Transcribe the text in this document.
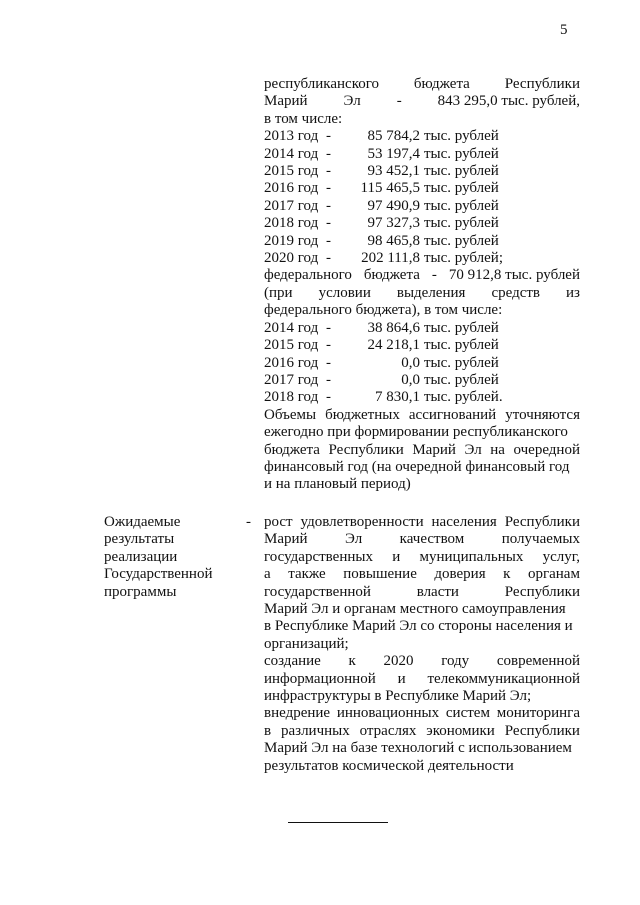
5
республиканского бюджета Республики
Марий Эл - 843 295,0 тыс. рублей,
в том числе:
2013 год -	85 784,2 тыс. рублей
2014 год -	53 197,4 тыс. рублей
2015 год -	93 452,1 тыс. рублей
2016 год -	115 465,5 тыс. рублей
2017 год -	97 490,9 тыс. рублей
2018 год -	97 327,3 тыс. рублей
2019 год -	98 465,8 тыс. рублей
2020 год -	202 111,8 тыс. рублей;
федерального бюджета - 70 912,8 тыс. рублей
(при условии выделения средств из
федерального бюджета), в том числе:
2014 год -	38 864,6 тыс. рублей
2015 год -	24 218,1 тыс. рублей
2016 год -	0,0 тыс. рублей
2017 год -	0,0 тыс. рублей
2018 год -	7 830,1 тыс. рублей.
Объемы бюджетных ассигнований уточняются
ежегодно при формировании республиканского
бюджета Республики Марий Эл на очередной
финансовый год (на очередной финансовый год
и на плановый период)
Ожидаемые
результаты
реализации
Государственной
программы
- рост удовлетворенности населения Республики
Марий Эл качеством получаемых
государственных и муниципальных услуг,
а также повышение доверия к органам
государственной	власти	Республики
Марий Эл и органам местного самоуправления
в Республике Марий Эл со стороны населения и
организаций;
создание к 2020 году современной
информационной и телекоммуникационной
инфраструктуры в Республике Марий Эл;
внедрение инновационных систем мониторинга
в различных отраслях экономики Республики
Марий Эл на базе технологий с использованием
результатов космической деятельности
